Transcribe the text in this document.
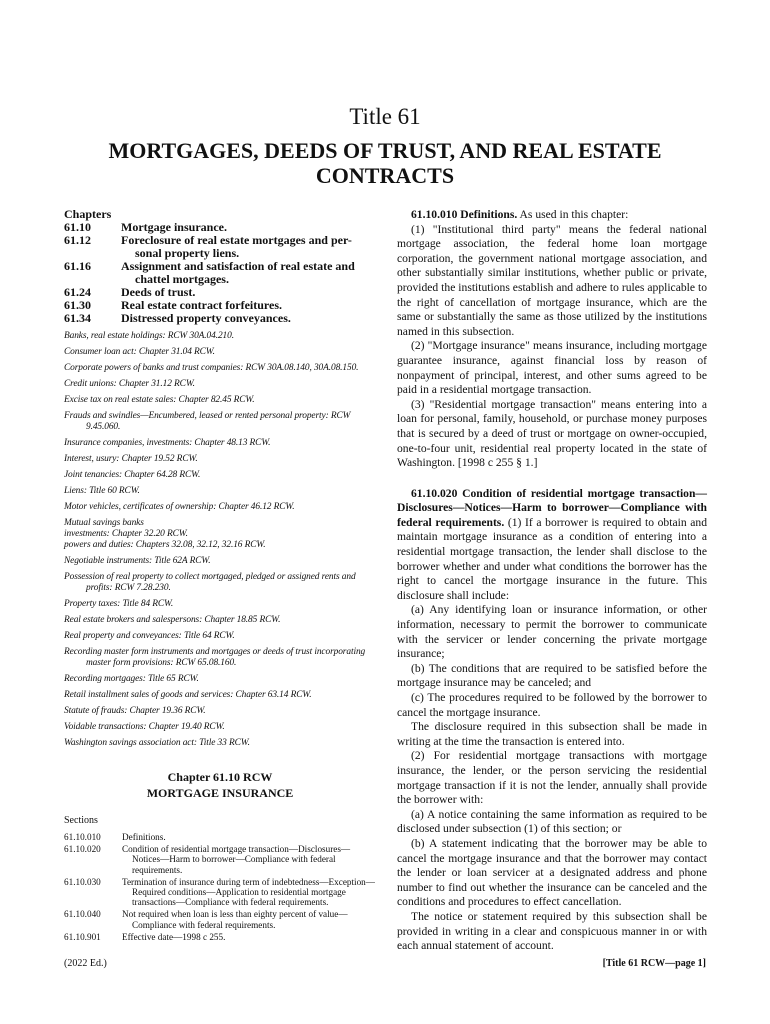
Title 61
MORTGAGES, DEEDS OF TRUST, AND REAL ESTATE CONTRACTS
Chapters
61.10	Mortgage insurance.
61.12	Foreclosure of real estate mortgages and per-
sonal property liens.
61.16	Assignment and satisfaction of real estate and
chattel mortgages.
61.24	Deeds of trust.
61.30	Real estate contract forfeitures.
61.34	Distressed property conveyances.
Banks, real estate holdings: RCW 30A.04.210.
Consumer loan act: Chapter 31.04 RCW.
Corporate powers of banks and trust companies: RCW 30A.08.140, 30A.08.150.
Credit unions: Chapter 31.12 RCW.
Excise tax on real estate sales: Chapter 82.45 RCW.
Frauds and swindles—Encumbered, leased or rented personal property: RCW 9.45.060.
Insurance companies, investments: Chapter 48.13 RCW.
Interest, usury: Chapter 19.52 RCW.
Joint tenancies: Chapter 64.28 RCW.
Liens: Title 60 RCW.
Motor vehicles, certificates of ownership: Chapter 46.12 RCW.
Mutual savings banks
investments: Chapter 32.20 RCW.
powers and duties: Chapters 32.08, 32.12, 32.16 RCW.
Negotiable instruments: Title 62A RCW.
Possession of real property to collect mortgaged, pledged or assigned rents and profits: RCW 7.28.230.
Property taxes: Title 84 RCW.
Real estate brokers and salespersons: Chapter 18.85 RCW.
Real property and conveyances: Title 64 RCW.
Recording master form instruments and mortgages or deeds of trust incorporating master form provisions: RCW 65.08.160.
Recording mortgages: Title 65 RCW.
Retail installment sales of goods and services: Chapter 63.14 RCW.
Statute of frauds: Chapter 19.36 RCW.
Voidable transactions: Chapter 19.40 RCW.
Washington savings association act: Title 33 RCW.
Chapter 61.10 RCW
MORTGAGE INSURANCE
Sections
61.10.010	Definitions.
61.10.020	Condition of residential mortgage transaction—Disclosures—Notices—Harm to borrower—Compliance with federal requirements.
61.10.030	Termination of insurance during term of indebtedness—Exception—Required conditions—Application to residential mortgage transactions—Compliance with federal requirements.
61.10.040	Not required when loan is less than eighty percent of value—Compliance with federal requirements.
61.10.901	Effective date—1998 c 255.

61.10.010 Definitions. As used in this chapter:

(1) "Institutional third party" means the federal national mortgage association, the federal home loan mortgage corporation, the government national mortgage association, and other substantially similar institutions, whether public or private, provided the institutions establish and adhere to rules applicable to the right of cancellation of mortgage insurance, which are the same or substantially the same as those utilized by the institutions named in this subsection.

(2) "Mortgage insurance" means insurance, including mortgage guarantee insurance, against financial loss by reason of nonpayment of principal, interest, and other sums agreed to be paid in a residential mortgage transaction.

(3) "Residential mortgage transaction" means entering into a loan for personal, family, household, or purchase money purposes that is secured by a deed of trust or mortgage on owner-occupied, one-to-four unit, residential real property located in the state of Washington. [1998 c 255 § 1.]

61.10.020 Condition of residential mortgage transaction—Disclosures—Notices—Harm to borrower—Compliance with federal requirements. (1) If a borrower is required to obtain and maintain mortgage insurance as a condition of entering into a residential mortgage transaction, the lender shall disclose to the borrower whether and under what conditions the borrower has the right to cancel the mortgage insurance in the future. This disclosure shall include:

(a) Any identifying loan or insurance information, or other information, necessary to permit the borrower to communicate with the servicer or lender concerning the private mortgage insurance;

(b) The conditions that are required to be satisfied before the mortgage insurance may be canceled; and

(c) The procedures required to be followed by the borrower to cancel the mortgage insurance.

The disclosure required in this subsection shall be made in writing at the time the transaction is entered into.

(2) For residential mortgage transactions with mortgage insurance, the lender, or the person servicing the residential mortgage transaction if it is not the lender, annually shall provide the borrower with:

(a) A notice containing the same information as required to be disclosed under subsection (1) of this section; or

(b) A statement indicating that the borrower may be able to cancel the mortgage insurance and that the borrower may contact the lender or loan servicer at a designated address and phone number to find out whether the insurance can be canceled and the conditions and procedures to effect cancellation.

The notice or statement required by this subsection shall be provided in writing in a clear and conspicuous manner in or with each annual statement of account.

(2022 Ed.)	[Title 61 RCW—page 1]
